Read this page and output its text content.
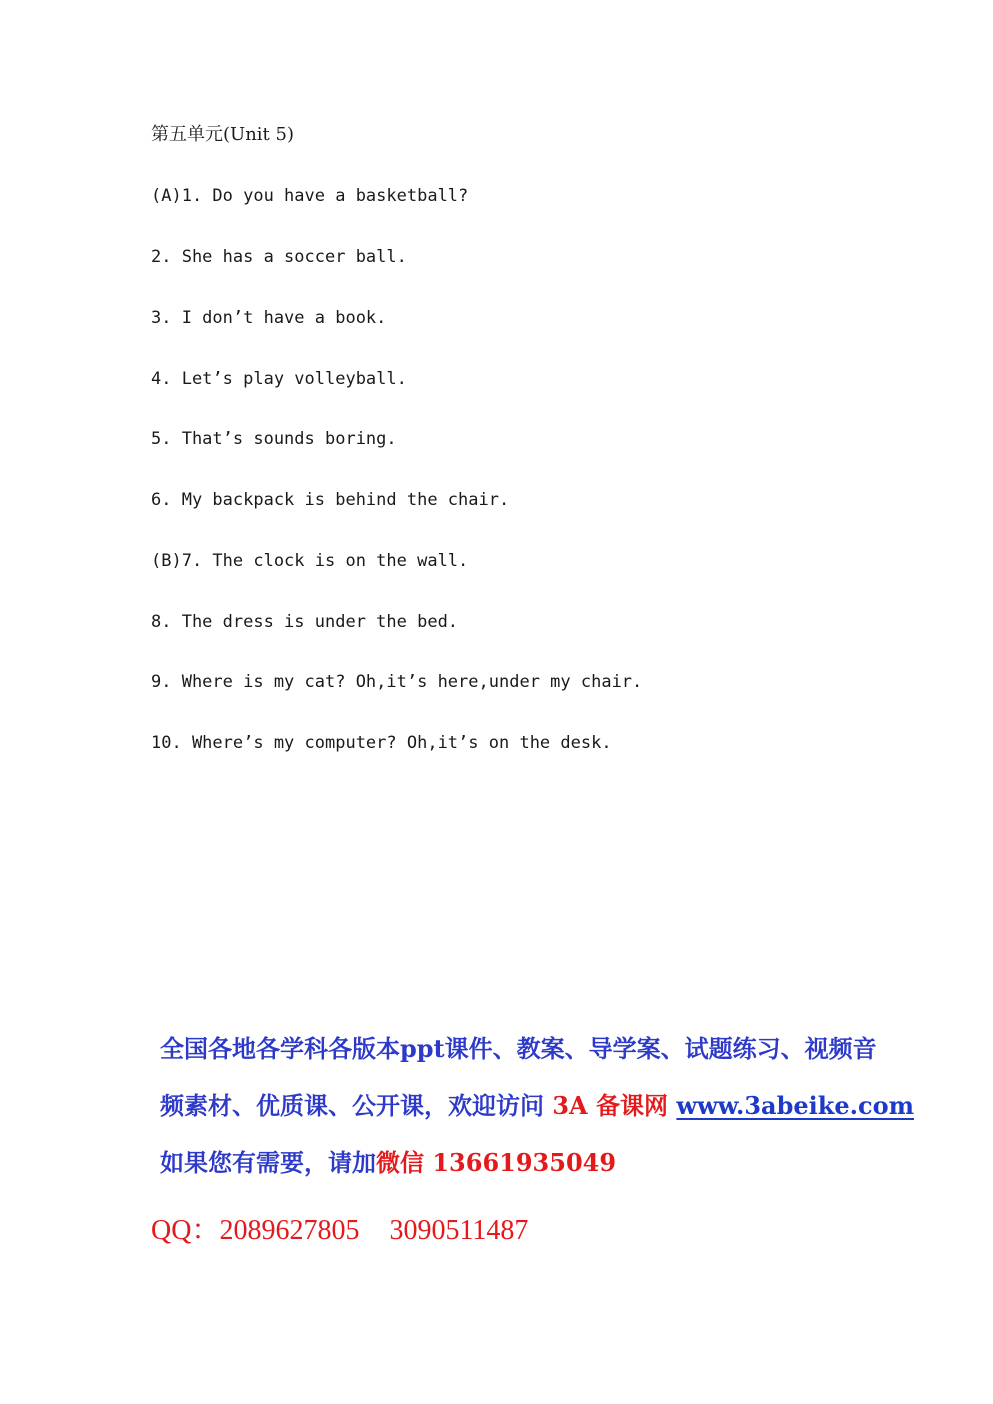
第五单元(Unit 5)
(A)1. Do you have a basketball?
2. She has a soccer ball.
3. I don’t have a book.
4. Let’s play volleyball.
5. That’s sounds boring.
6. My backpack is behind the chair.
(B)7. The clock is on the wall.
8. The dress is under the bed.
9. Where is my cat? Oh,it’s here,under my chair.
10. Where’s my computer? Oh,it’s on the desk.
全国各地各学科各版本ppt课件、教案、导学案、试题练习、视频音
频素材、优质课、公开课，欢迎访问 3A 备课网 www.3abeike.com
如果您有需要，请加微信 13661935049
QQ：2089627805 3090511487
